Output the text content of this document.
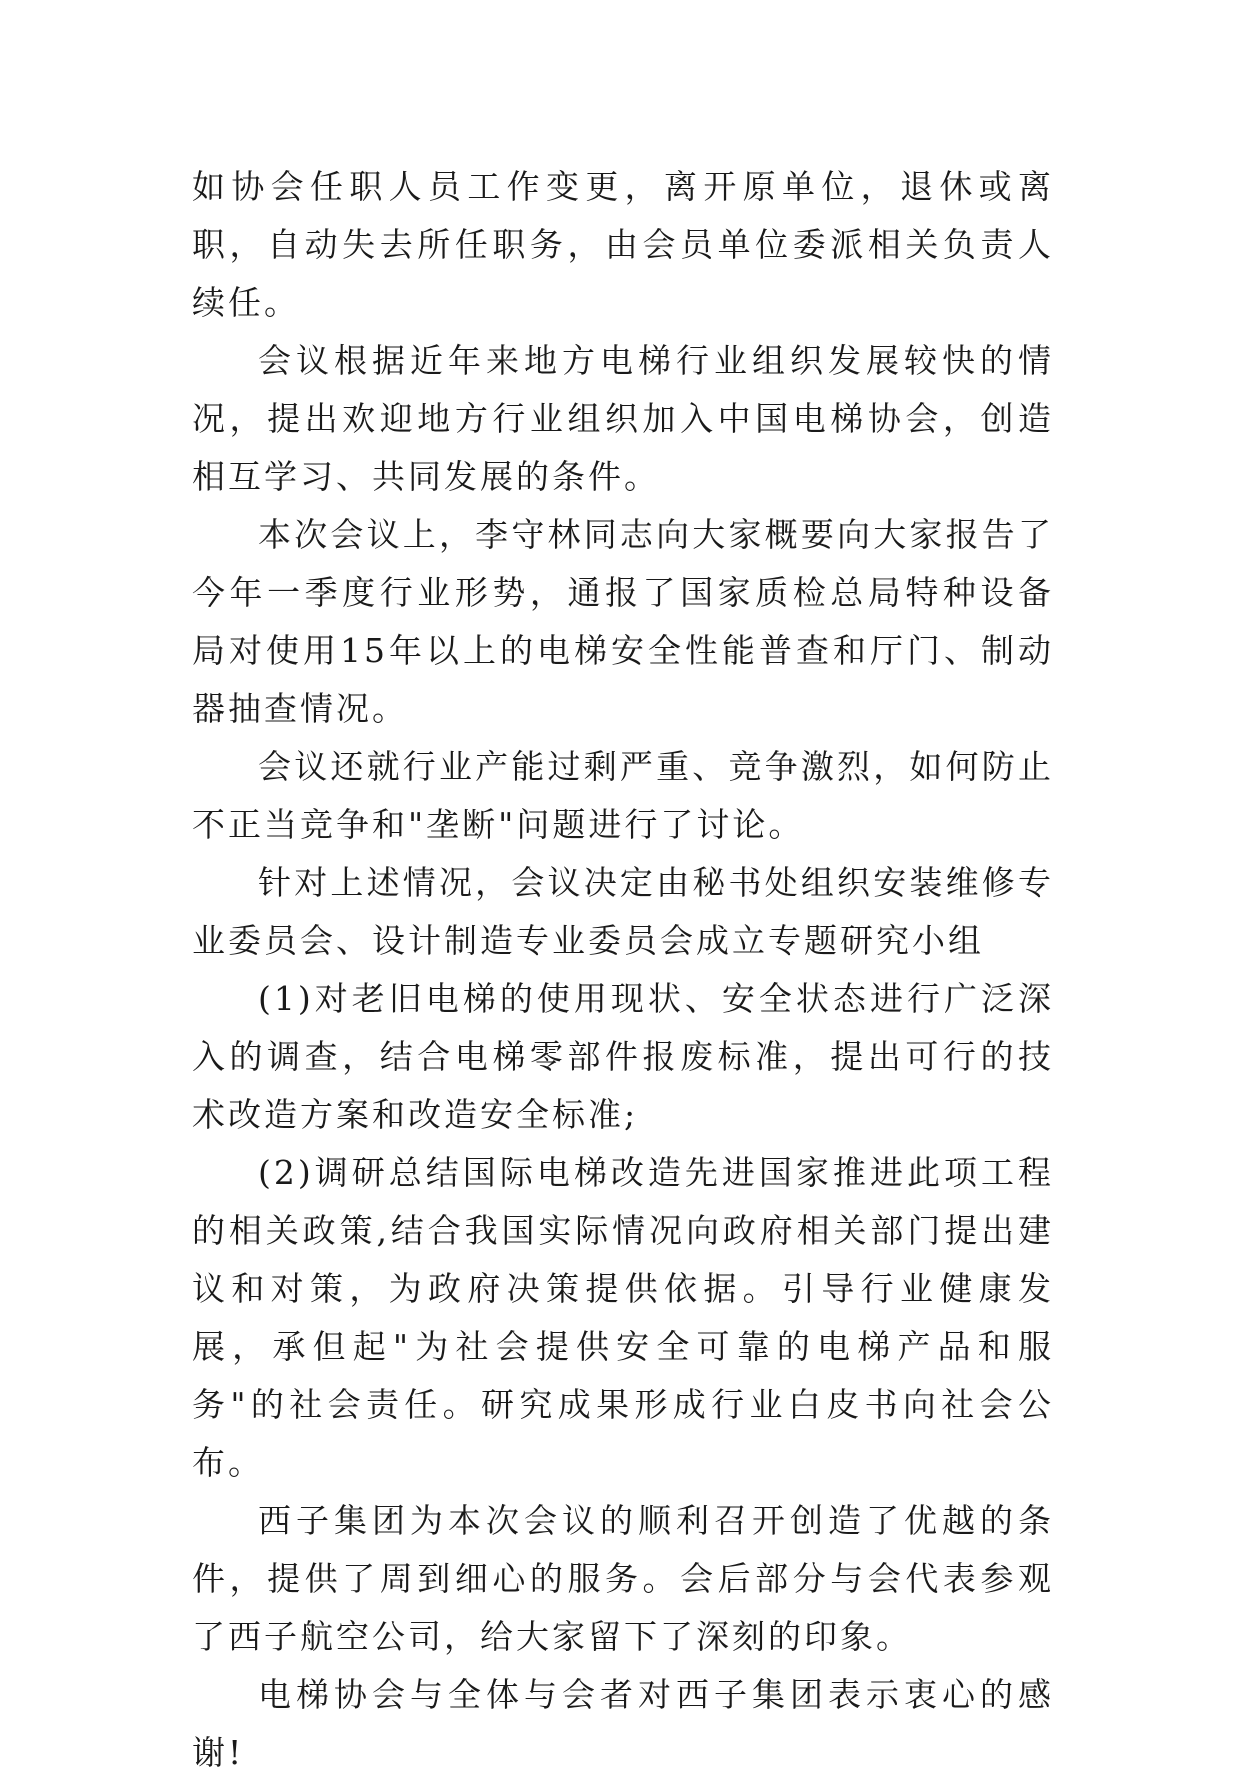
如协会任职人员工作变更，离开原单位，退休或离职，自动失去所任职务，由会员单位委派相关负责人续任。

会议根据近年来地方电梯行业组织发展较快的情况，提出欢迎地方行业组织加入中国电梯协会，创造相互学习、共同发展的条件。

本次会议上，李守林同志向大家概要向大家报告了今年一季度行业形势，通报了国家质检总局特种设备局对使用15年以上的电梯安全性能普查和厅门、制动器抽查情况。

会议还就行业产能过剩严重、竞争激烈，如何防止不正当竞争和"垄断"问题进行了讨论。

针对上述情况，会议决定由秘书处组织安装维修专业委员会、设计制造专业委员会成立专题研究小组

(1)对老旧电梯的使用现状、安全状态进行广泛深入的调查，结合电梯零部件报废标准，提出可行的技术改造方案和改造安全标准;

(2)调研总结国际电梯改造先进国家推进此项工程的相关政策,结合我国实际情况向政府相关部门提出建议和对策，为政府决策提供依据。引导行业健康发展，承但起"为社会提供安全可靠的电梯产品和服务"的社会责任。研究成果形成行业白皮书向社会公布。

西子集团为本次会议的顺利召开创造了优越的条件，提供了周到细心的服务。会后部分与会代表参观了西子航空公司，给大家留下了深刻的印象。

电梯协会与全体与会者对西子集团表示衷心的感谢!
